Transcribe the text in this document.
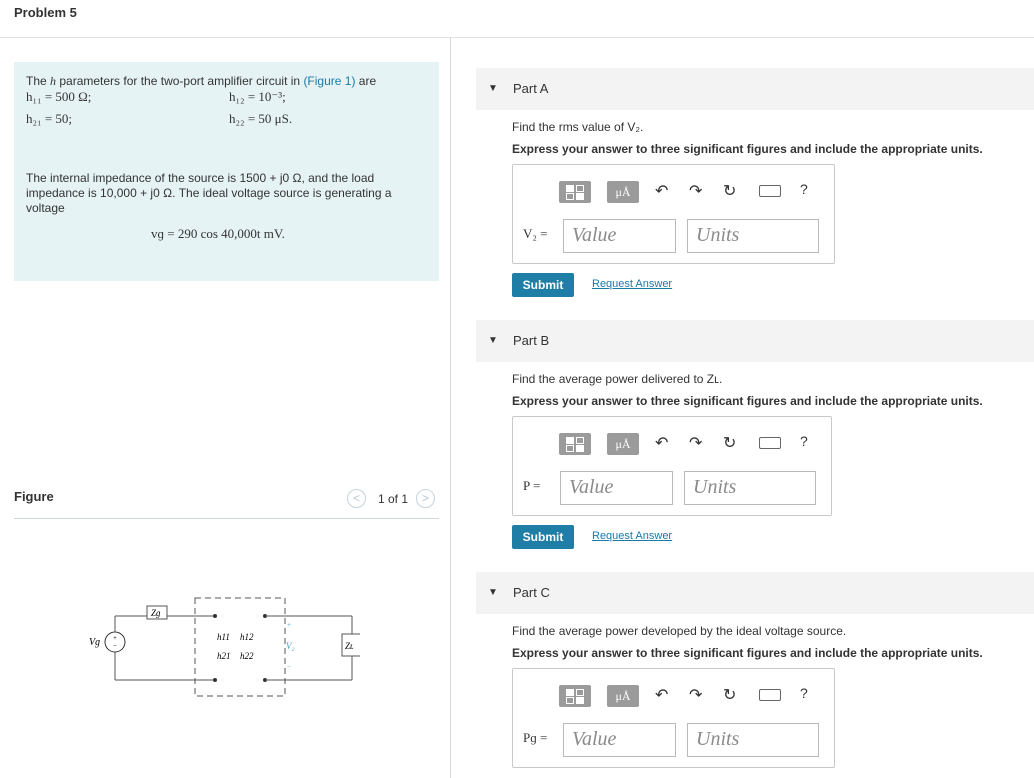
Problem 5
The h parameters for the two-port amplifier circuit in (Figure 1) are
h₁₁ = 500 Ω;	h₁₂ = 10⁻³;
h₂₁ = 50;	h₂₂ = 50 μS.
The internal impedance of the source is 1500 + j0 Ω, and the load impedance is 10,000 + j0 Ω. The ideal voltage source is generating a voltage
vɡ = 290 cos 40,000t mV.
Figure	<	1 of 1	>
+
−
Vɡ
Zɡ
h11 h12
h21 h22
+
V₂
−
Zʟ
▼ Part A
Find the rms value of V₂.
Express your answer to three significant figures and include the appropriate units.
μÅ	↶ ↷ ↻	?
V₂ =	Value	Units
Submit	Request Answer
▼ Part B
Find the average power delivered to Zʟ.
Express your answer to three significant figures and include the appropriate units.
μÅ	↶ ↷ ↻	?
P =	Value	Units
Submit	Request Answer
▼ Part C
Find the average power developed by the ideal voltage source.
Express your answer to three significant figures and include the appropriate units.
μÅ	↶ ↷ ↻	?
Pɡ =	Value	Units
